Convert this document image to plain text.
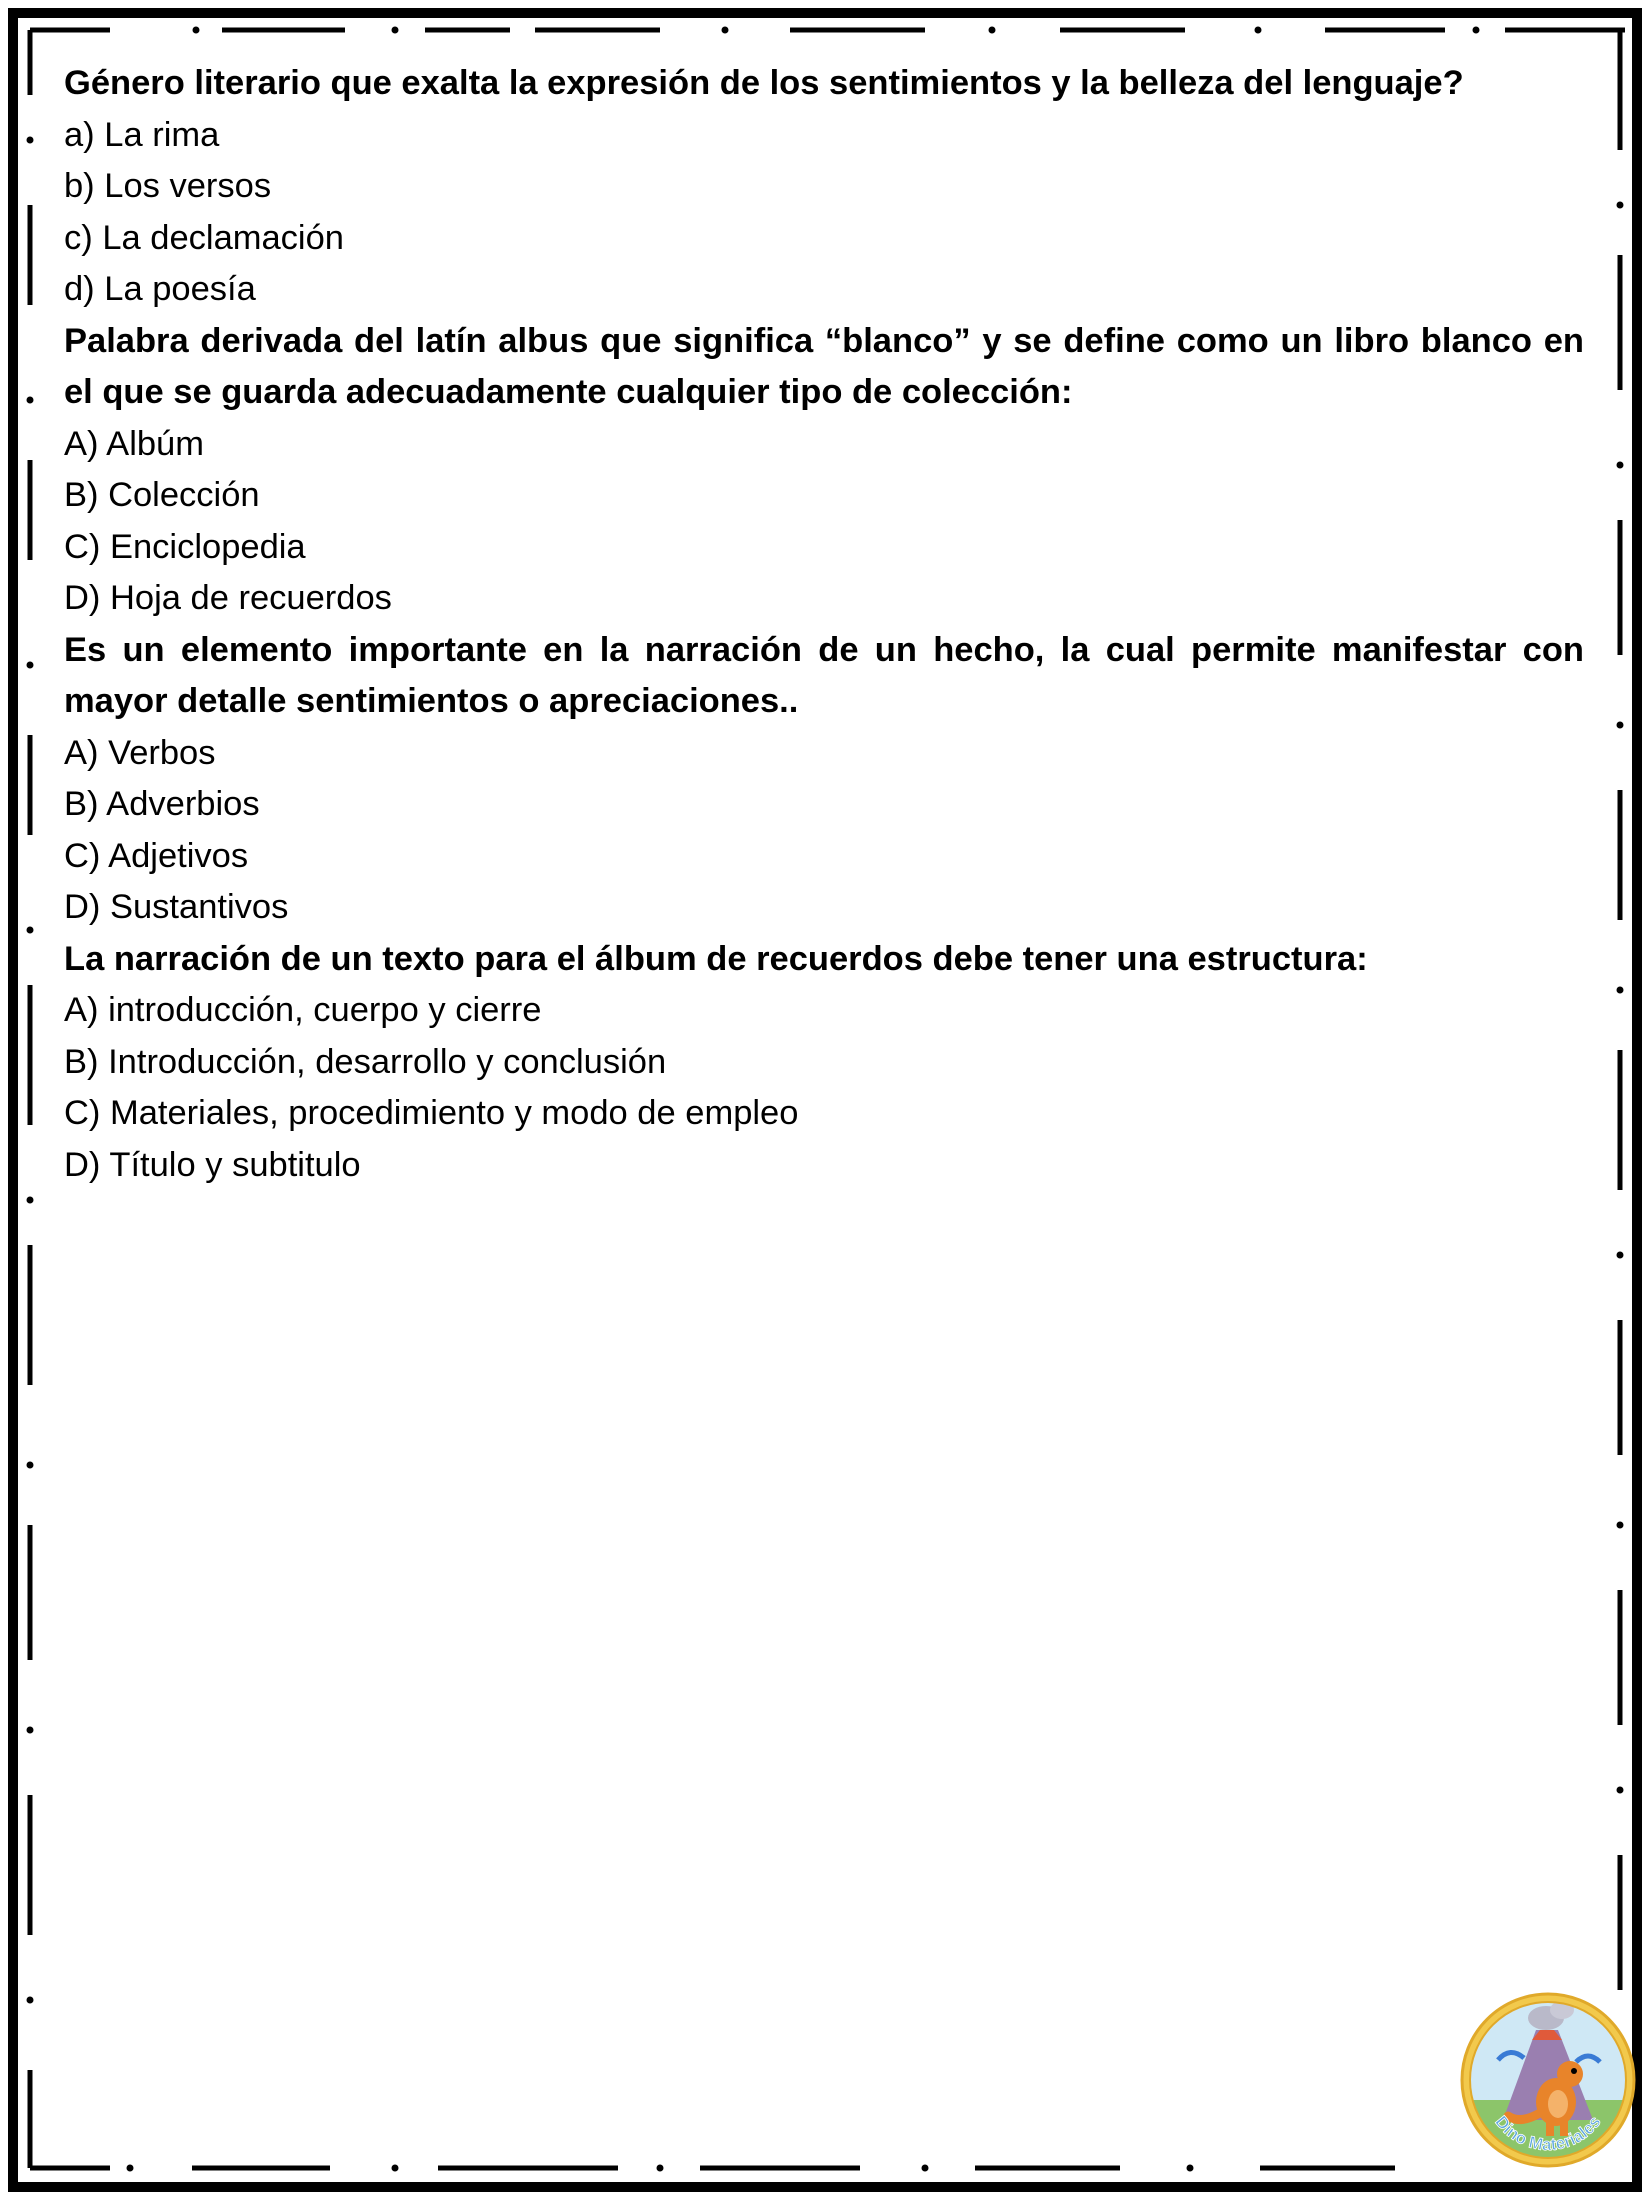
Género literario que exalta la expresión de los sentimientos y la belleza del lenguaje?

a) La rima

b) Los versos

c) La declamación

d) La poesía

Palabra derivada del latín albus que significa “blanco” y se define como un libro blanco en el que se guarda adecuadamente cualquier tipo de colección:

A) Albúm

B) Colección

C) Enciclopedia

D) Hoja de recuerdos

Es un elemento importante en la narración de un hecho, la cual permite manifestar con mayor detalle sentimientos o apreciaciones..

A) Verbos

B) Adverbios

C) Adjetivos

D) Sustantivos

La narración de un texto para el álbum de recuerdos debe tener una estructura:

A) introducción, cuerpo y cierre

B) Introducción, desarrollo y conclusión

C) Materiales, procedimiento y modo de empleo

D) Título y subtitulo

Dino Materiales
